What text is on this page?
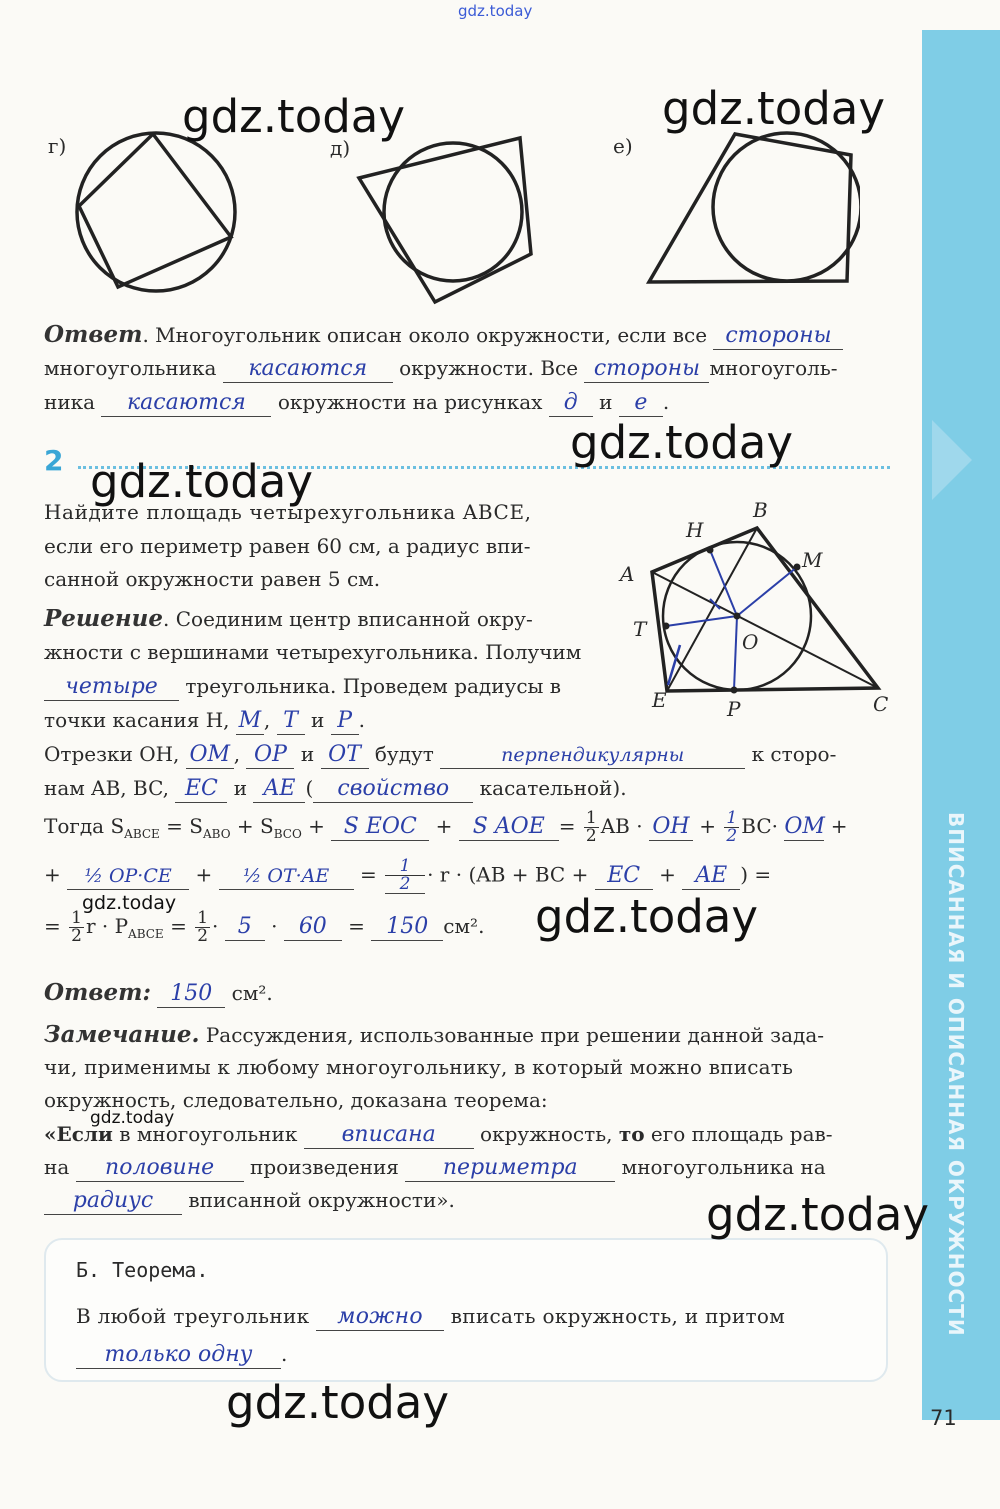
ВПИСАННАЯ И ОПИСАННАЯ ОКРУЖНОСТИ
gdz.today
г)	д)	е)
Ответ. Многоугольник описан около окружности, если все стороны
многоугольника касаются окружности. Все стороны многоуголь-
ника касаются окружности на рисунках д и е .
2
Найдите площадь четырехугольника ABCE,
если его периметр равен 60 см, а радиус впи-
санной окружности равен 5 см.	A
B
C
E
H
M
T
P
O
Решение. Соединим центр вписанной окру-
жности с вершинами четырехугольника. Получим
четыре треугольника. Проведем радиусы в
точки касания H, M , T и P .
Отрезки OH, OM , OP и OT будут	перпендикулярны	к сторо-
нам AB, BC, EC и AE ( свойство касательной).
Тогда $S_{ABCE} = S_{ABO} + S_{BCO} + S$ EOC + S AOE = $\frac{1}{2}$ AB · OH + $\frac{1}{2} BC\cdot$ OM +
+ ½ OP·CE + ½ $OT\cdot AE = \frac{1}{2} \cdot r \cdot (AB$ + BC + EC + AE ) =
= $\frac{1}{2}$ $r \cdot P_{ABCE} = \frac{1}{2} \cdot 5 \cdot 60 = 150$ см².
Ответ: 150 см².
Замечание. Рассуждения, использованные при решении данной зада-
чи, применимы к любому многоугольнику, в который можно вписать
окружность, следовательно, доказана теорема:
«Если в многоугольник вписана окружность, то его площадь рав-
на половине произведения периметра многоугольника на
радиус вписанной окружности».
Б. Теорема.
В любой треугольник можно вписать окружность, и притом
только одну .
71
gdz.today	gdz.today
gdz.today
gdz.today
gdz.today
gdz.today
gdz.today
gdz.today
gdz.today
